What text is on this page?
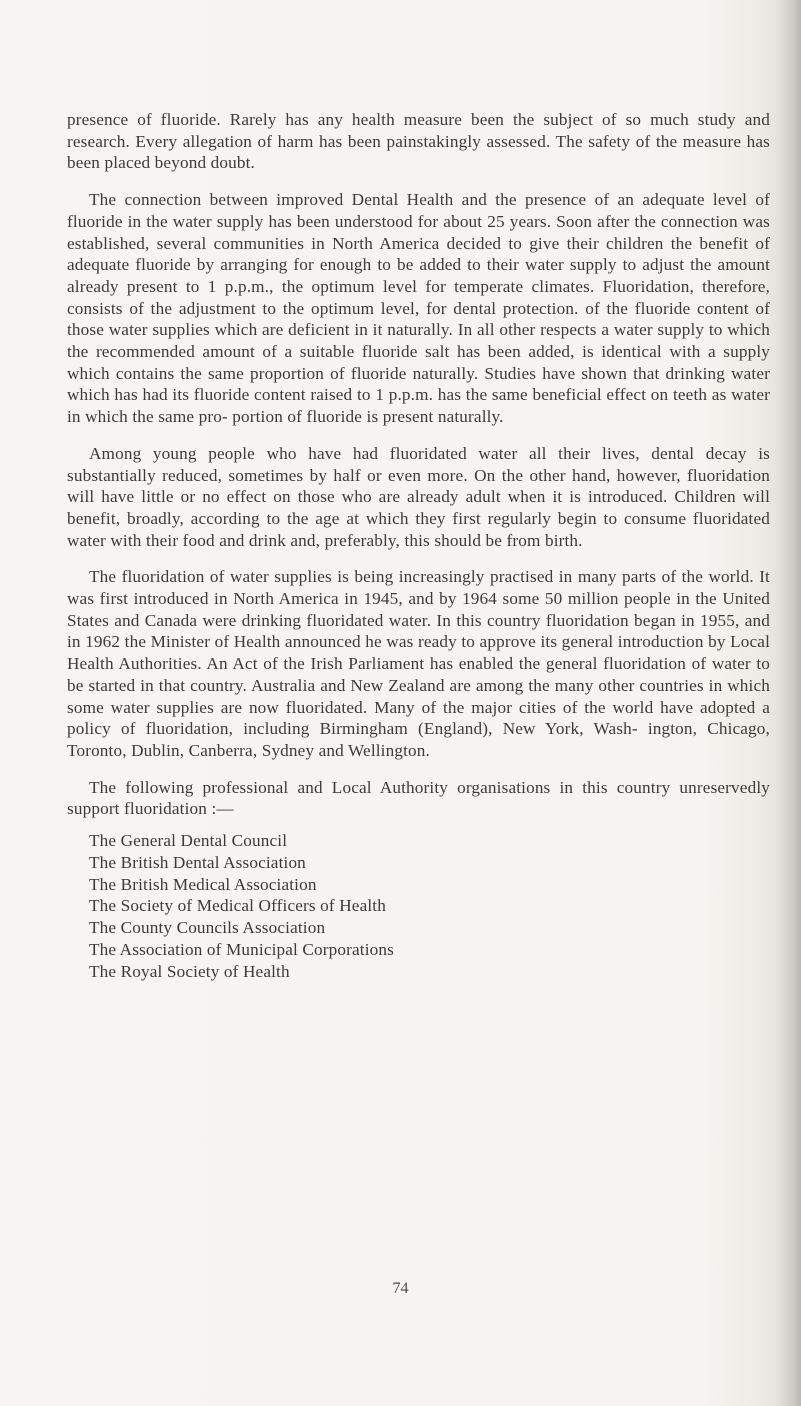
presence of fluoride. Rarely has any health measure been the subject of so much study and research. Every allegation of harm has been painstakingly assessed. The safety of the measure has been placed beyond doubt.

The connection between improved Dental Health and the presence of an adequate level of fluoride in the water supply has been understood for about 25 years. Soon after the connection was established, several communities in North America decided to give their children the benefit of adequate fluoride by arranging for enough to be added to their water supply to adjust the amount already present to 1 p.p.m., the optimum level for temperate climates. Fluoridation, therefore, consists of the adjustment to the optimum level, for dental protection. of the fluoride content of those water supplies which are deficient in it naturally. In all other respects a water supply to which the recommended amount of a suitable fluoride salt has been added, is identical with a supply which contains the same proportion of fluoride naturally. Studies have shown that drinking water which has had its fluoride content raised to 1 p.p.m. has the same beneficial effect on teeth as water in which the same pro- portion of fluoride is present naturally.

Among young people who have had fluoridated water all their lives, dental decay is substantially reduced, sometimes by half or even more. On the other hand, however, fluoridation will have little or no effect on those who are already adult when it is introduced. Children will benefit, broadly, according to the age at which they first regularly begin to consume fluoridated water with their food and drink and, preferably, this should be from birth.

The fluoridation of water supplies is being increasingly practised in many parts of the world. It was first introduced in North America in 1945, and by 1964 some 50 million people in the United States and Canada were drinking fluoridated water. In this country fluoridation began in 1955, and in 1962 the Minister of Health announced he was ready to approve its general introduction by Local Health Authorities. An Act of the Irish Parliament has enabled the general fluoridation of water to be started in that country. Australia and New Zealand are among the many other countries in which some water supplies are now fluoridated. Many of the major cities of the world have adopted a policy of fluoridation, including Birmingham (England), New York, Wash- ington, Chicago, Toronto, Dublin, Canberra, Sydney and Wellington.

The following professional and Local Authority organisations in this country unreservedly support fluoridation :—

The General Dental Council
The British Dental Association
The British Medical Association
The Society of Medical Officers of Health
The County Councils Association
The Association of Municipal Corporations
The Royal Society of Health
74
